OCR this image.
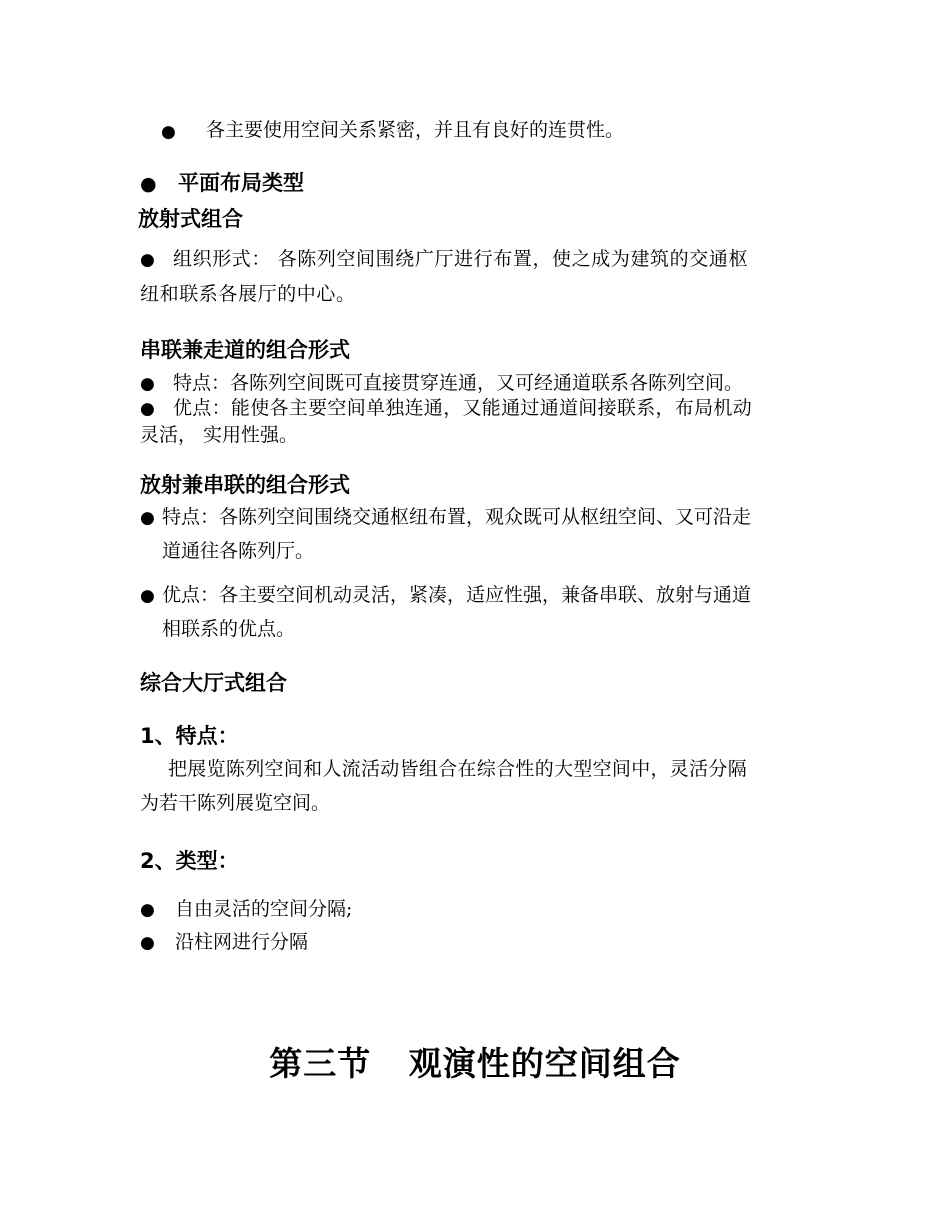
● 各主要使用空间关系紧密，并且有良好的连贯性。
● 平面布局类型
放射式组合
● 组织形式： 各陈列空间围绕广厅进行布置，使之成为建筑的交通枢
纽和联系各展厅的中心。
串联兼走道的组合形式
● 特点：各陈列空间既可直接贯穿连通，又可经通道联系各陈列空间。
● 优点：能使各主要空间单独连通，又能通过通道间接联系，布局机动
灵活， 实用性强。
放射兼串联的组合形式
● 特点：各陈列空间围绕交通枢纽布置，观众既可从枢纽空间、又可沿走
道通往各陈列厅。
● 优点：各主要空间机动灵活，紧凑，适应性强，兼备串联、放射与通道
相联系的优点。
综合大厅式组合
1、特点：
把展览陈列空间和人流活动皆组合在综合性的大型空间中，灵活分隔
为若干陈列展览空间。
2、类型：
● 自由灵活的空间分隔;
● 沿柱网进行分隔
第三节   观演性的空间组合
